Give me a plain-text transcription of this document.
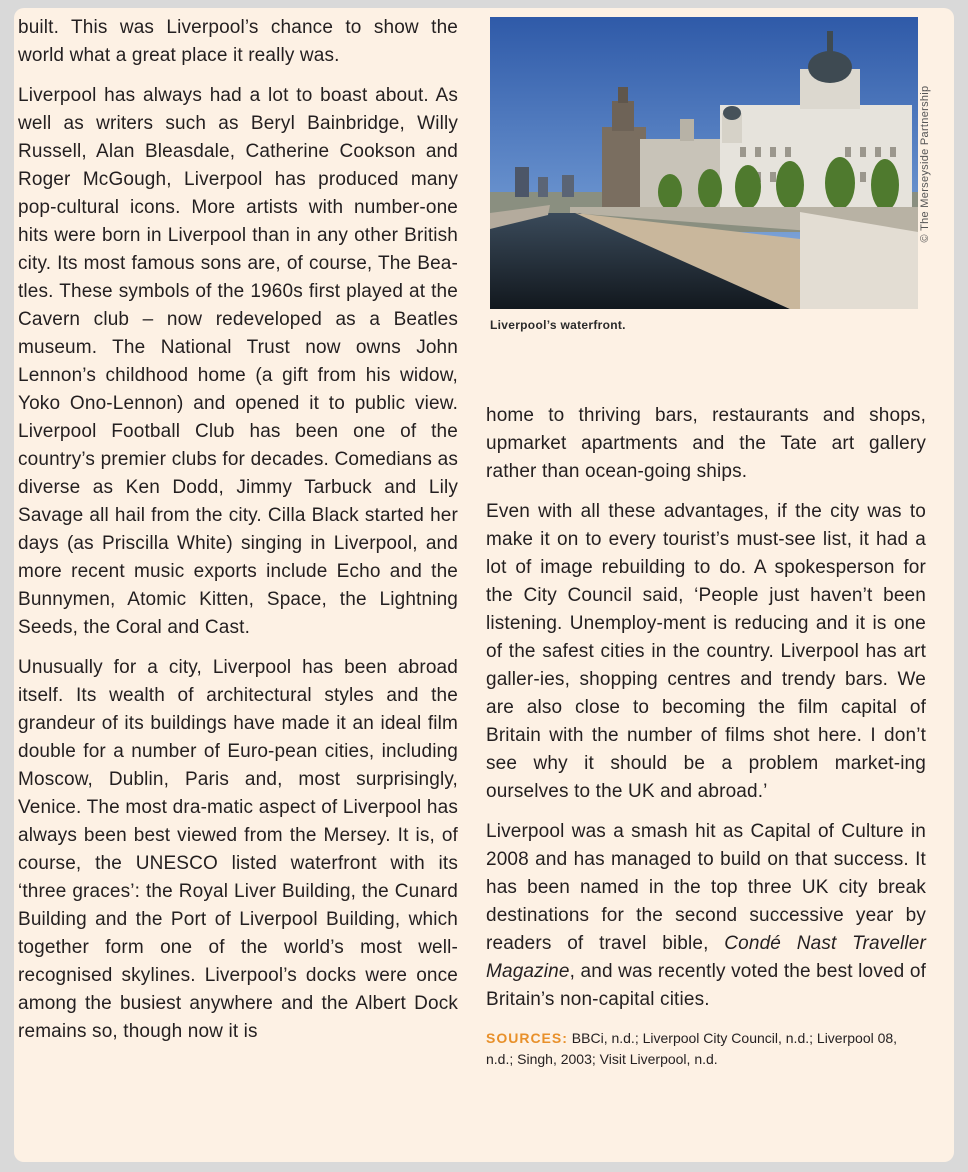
built. This was Liverpool’s chance to show the world what a great place it really was.

Liverpool has always had a lot to boast about. As well as writers such as Beryl Bainbridge, Willy Russell, Alan Bleasdale, Catherine Cookson and Roger McGough, Liverpool has produced many pop-cultural icons. More artists with number-one hits were born in Liverpool than in any other British city. Its most famous sons are, of course, The Bea-tles. These symbols of the 1960s first played at the Cavern club – now redeveloped as a Beatles museum. The National Trust now owns John Lennon’s childhood home (a gift from his widow, Yoko Ono-Lennon) and opened it to public view. Liverpool Football Club has been one of the country’s premier clubs for decades. Comedians as diverse as Ken Dodd, Jimmy Tarbuck and Lily Savage all hail from the city. Cilla Black started her days (as Priscilla White) singing in Liverpool, and more recent music exports include Echo and the Bunnymen, Atomic Kitten, Space, the Lightning Seeds, the Coral and Cast.

Unusually for a city, Liverpool has been abroad itself. Its wealth of architectural styles and the grandeur of its buildings have made it an ideal film double for a number of Euro-pean cities, including Moscow, Dublin, Paris and, most surprisingly, Venice. The most dra-matic aspect of Liverpool has always been best viewed from the Mersey. It is, of course, the UNESCO listed waterfront with its ‘three graces’: the Royal Liver Building, the Cunard Building and the Port of Liverpool Building, which together form one of the world’s most well-recognised skylines. Liverpool’s docks were once among the busiest anywhere and the Albert Dock remains so, though now it is

© The Merseyside Partnership
Liverpool’s waterfront.

home to thriving bars, restaurants and shops, upmarket apartments and the Tate art gallery rather than ocean-going ships.

Even with all these advantages, if the city was to make it on to every tourist’s must-see list, it had a lot of image rebuilding to do. A spokesperson for the City Council said, ‘People just haven’t been listening. Unemploy-ment is reducing and it is one of the safest cities in the country. Liverpool has art galler-ies, shopping centres and trendy bars. We are also close to becoming the film capital of Britain with the number of films shot here. I don’t see why it should be a problem market-ing ourselves to the UK and abroad.’

Liverpool was a smash hit as Capital of Culture in 2008 and has managed to build on that success. It has been named in the top three UK city break destinations for the second successive year by readers of travel bible, Condé Nast Traveller Magazine, and was recently voted the best loved of Britain’s non-capital cities.

SOURCES: BBCi, n.d.; Liverpool City Council, n.d.; Liverpool 08, n.d.; Singh, 2003; Visit Liverpool, n.d.
